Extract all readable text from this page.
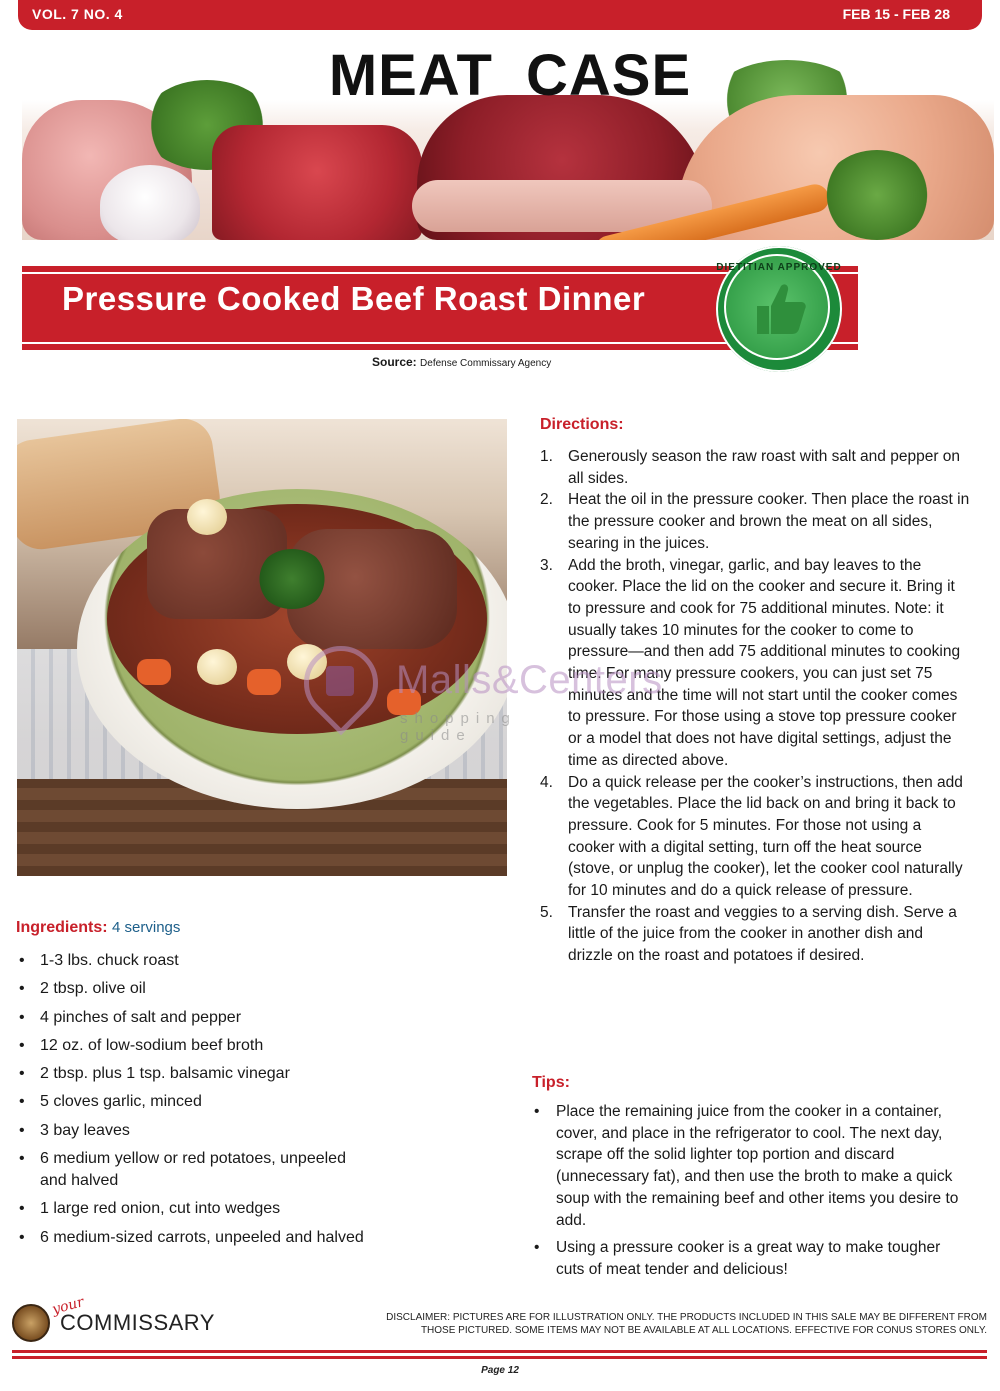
VOL. 7 NO. 4	FEB 15 - FEB 28
MEAT CASE
Pressure Cooked Beef Roast Dinner
DIETITIAN APPROVED
Source: Defense Commissary Agency
Ingredients: 4 servings
• 1-3 lbs. chuck roast
• 2 tbsp. olive oil
• 4 pinches of salt and pepper
• 12 oz. of low-sodium beef broth
• 2 tbsp. plus 1 tsp. balsamic vinegar
• 5 cloves garlic, minced
• 3 bay leaves
• 6 medium yellow or red potatoes, unpeeled and halved
• 1 large red onion, cut into wedges
• 6 medium-sized carrots, unpeeled and halved
Directions:
1. Generously season the raw roast with salt and pepper on all sides.
2. Heat the oil in the pressure cooker. Then place the roast in the pressure cooker and brown the meat on all sides, searing in the juices.
3. Add the broth, vinegar, garlic, and bay leaves to the cooker. Place the lid on the cooker and secure it. Bring it to pressure and cook for 75 additional minutes. Note: it usually takes 10 minutes for the cooker to come to pressure—and then add 75 additional minutes to cooking time. For many pressure cookers, you can just set 75 minutes and the time will not start until the cooker comes to pressure. For those using a stove top pressure cooker or a model that does not have digital settings, adjust the time as directed above.
4. Do a quick release per the cooker’s instructions, then add the vegetables. Place the lid back on and bring it back to pressure. Cook for 5 minutes. For those not using a cooker with a digital setting, turn off the heat source (stove, or unplug the cooker), let the cooker cool naturally for 10 minutes and do a quick release of pressure.
5. Transfer the roast and veggies to a serving dish. Serve a little of the juice from the cooker in another dish and drizzle on the roast and potatoes if desired.
Tips:
• Place the remaining juice from the cooker in a container, cover, and place in the refrigerator to cool. The next day, scrape off the solid lighter top portion and discard (unnecessary fat), and then use the broth to make a quick soup with the remaining beef and other items you desire to add.
• Using a pressure cooker is a great way to make tougher cuts of meat tender and delicious!
Malls&Centers
shopping guide
your
COMMISSARY	DISCLAIMER: PICTURES ARE FOR ILLUSTRATION ONLY. THE PRODUCTS INCLUDED IN THIS SALE MAY BE DIFFERENT FROM
THOSE PICTURED. SOME ITEMS MAY NOT BE AVAILABLE AT ALL LOCATIONS. EFFECTIVE FOR CONUS STORES ONLY.
Page 12
